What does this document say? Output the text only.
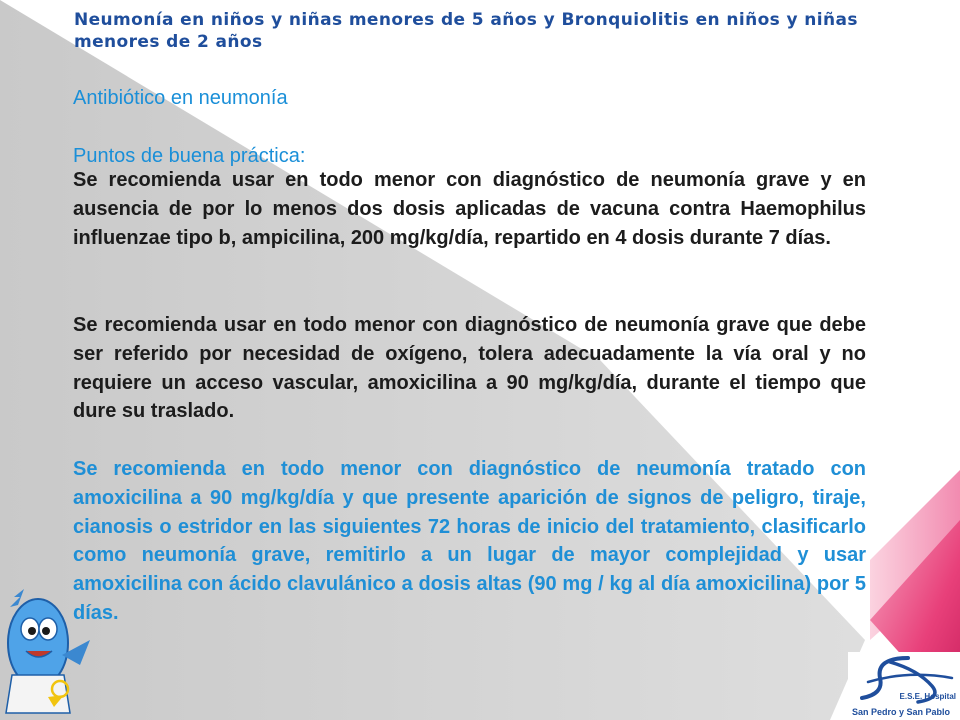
Neumonía en niños y niñas menores de 5 años y Bronquiolitis en niños y niñas menores de 2 años
Antibiótico en neumonía
Puntos de buena práctica:
Se recomienda usar en todo menor con diagnóstico de neumonía grave y en ausencia de por lo menos dos dosis aplicadas de vacuna contra Haemophilus influenzae tipo b, ampicilina, 200 mg/kg/día, repartido en 4 dosis durante 7 días.
Se recomienda usar en todo menor con diagnóstico de neumonía grave que debe ser referido por necesidad de oxígeno, tolera adecuadamente la vía oral y no requiere un acceso vascular, amoxicilina a 90 mg/kg/día, durante el tiempo que dure su traslado.
Se recomienda en todo menor con diagnóstico de neumonía tratado con amoxicilina a 90 mg/kg/día y que presente aparición de signos de peligro, tiraje, cianosis o estridor en las siguientes 72 horas de inicio del tratamiento, clasificarlo como neumonía grave, remitirlo a un lugar de mayor complejidad y usar amoxicilina con ácido clavulánico a dosis altas (90 mg / kg al día amoxicilina) por 5 días.
E.S.E. Hospital
San Pedro y San Pablo
